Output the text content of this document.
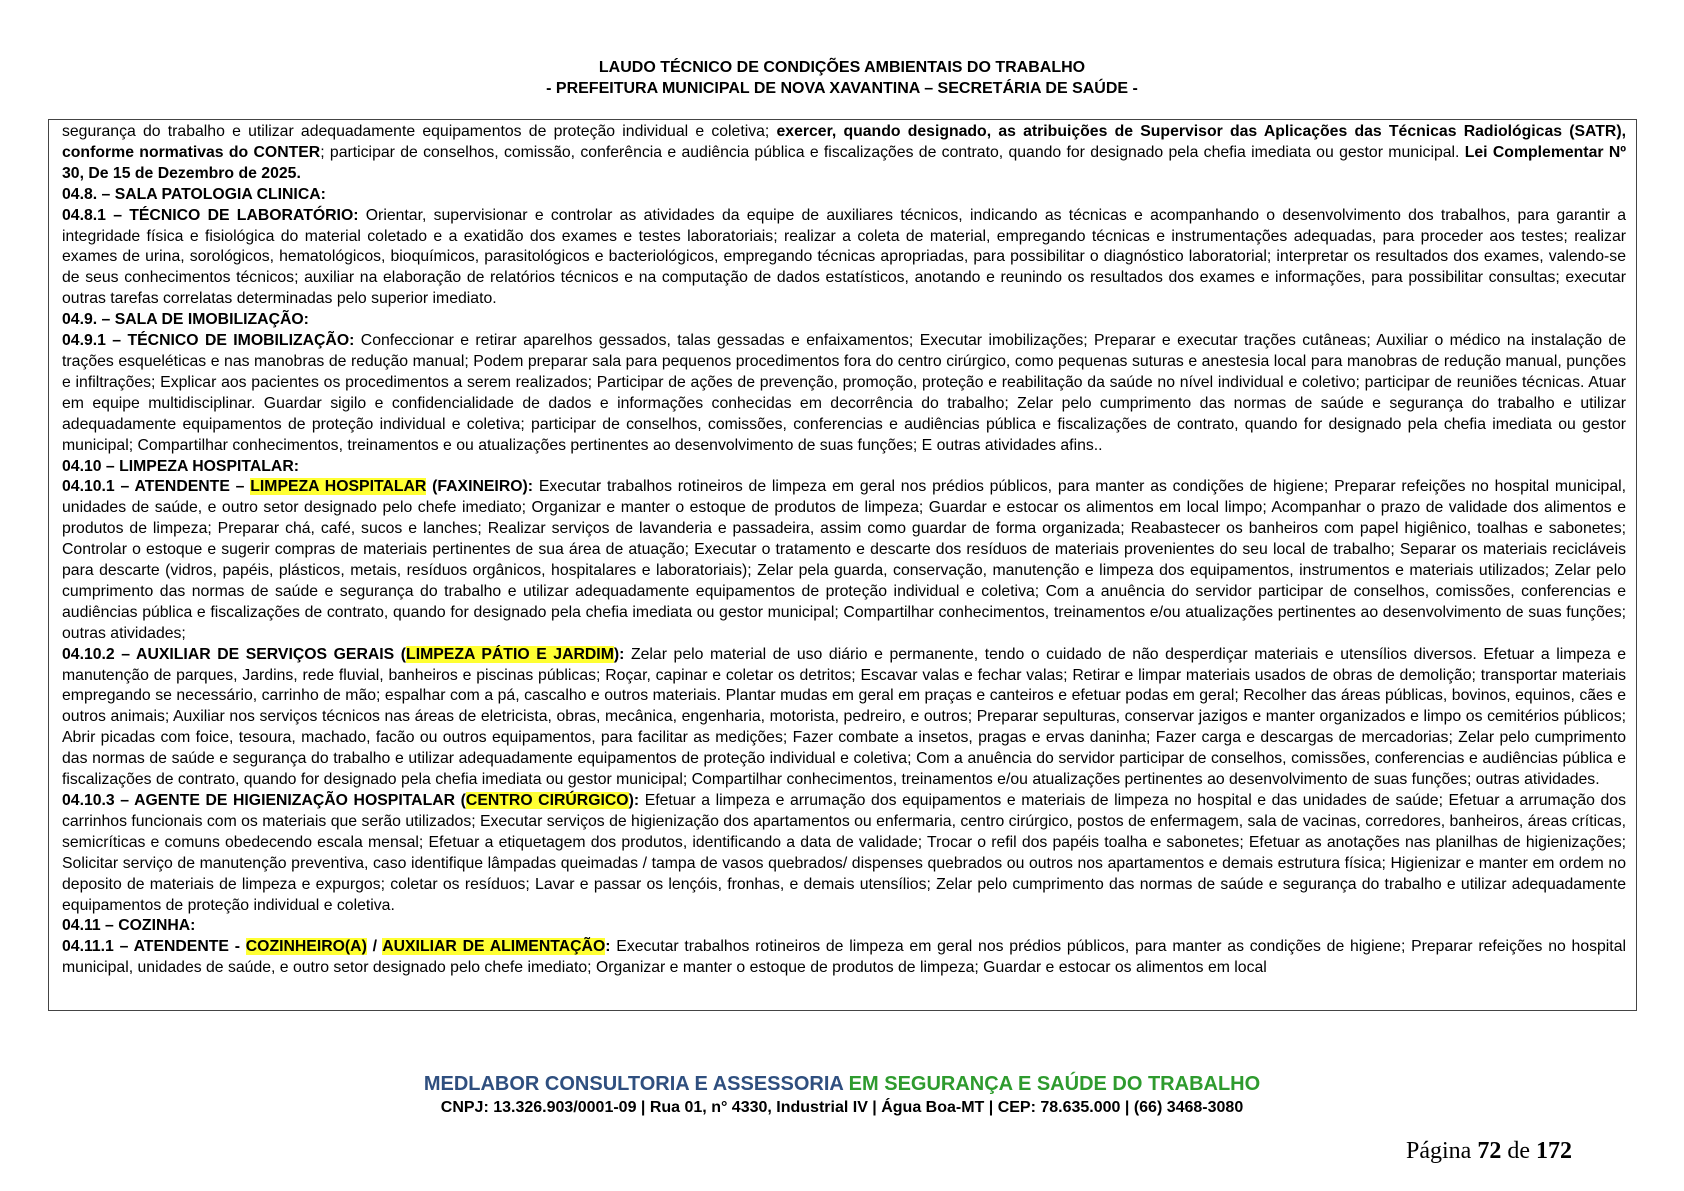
LAUDO TÉCNICO DE CONDIÇÕES AMBIENTAIS DO TRABALHO
- PREFEITURA MUNICIPAL DE NOVA XAVANTINA – SECRETÁRIA DE SAÚDE -

segurança do trabalho e utilizar adequadamente equipamentos de proteção individual e coletiva; exercer, quando designado, as atribuições de Supervisor das Aplicações das Técnicas Radiológicas (SATR), conforme normativas do CONTER; participar de conselhos, comissão, conferência e audiência pública e fiscalizações de contrato, quando for designado pela chefia imediata ou gestor municipal. Lei Complementar Nº 30, De 15 de Dezembro de 2025.

04.8. – SALA PATOLOGIA CLINICA:

04.8.1 – TÉCNICO DE LABORATÓRIO: Orientar, supervisionar e controlar as atividades da equipe de auxiliares técnicos, indicando as técnicas e acompanhando o desenvolvimento dos trabalhos, para garantir a integridade física e fisiológica do material coletado e a exatidão dos exames e testes laboratoriais; realizar a coleta de material, empregando técnicas e instrumentações adequadas, para proceder aos testes; realizar exames de urina, sorológicos, hematológicos, bioquímicos, parasitológicos e bacteriológicos, empregando técnicas apropriadas, para possibilitar o diagnóstico laboratorial; interpretar os resultados dos exames, valendo-se de seus conhecimentos técnicos; auxiliar na elaboração de relatórios técnicos e na computação de dados estatísticos, anotando e reunindo os resultados dos exames e informações, para possibilitar consultas; executar outras tarefas correlatas determinadas pelo superior imediato.

04.9. – SALA DE IMOBILIZAÇÃO:

04.9.1 – TÉCNICO DE IMOBILIZAÇÃO: Confeccionar e retirar aparelhos gessados, talas gessadas e enfaixamentos; Executar imobilizações; Preparar e executar trações cutâneas; Auxiliar o médico na instalação de trações esqueléticas e nas manobras de redução manual; Podem preparar sala para pequenos procedimentos fora do centro cirúrgico, como pequenas suturas e anestesia local para manobras de redução manual, punções e infiltrações; Explicar aos pacientes os procedimentos a serem realizados; Participar de ações de prevenção, promoção, proteção e reabilitação da saúde no nível individual e coletivo; participar de reuniões técnicas. Atuar em equipe multidisciplinar. Guardar sigilo e confidencialidade de dados e informações conhecidas em decorrência do trabalho; Zelar pelo cumprimento das normas de saúde e segurança do trabalho e utilizar adequadamente equipamentos de proteção individual e coletiva; participar de conselhos, comissões, conferencias e audiências pública e fiscalizações de contrato, quando for designado pela chefia imediata ou gestor municipal; Compartilhar conhecimentos, treinamentos e ou atualizações pertinentes ao desenvolvimento de suas funções; E outras atividades afins..

04.10 – LIMPEZA HOSPITALAR:

04.10.1 – ATENDENTE – LIMPEZA HOSPITALAR (FAXINEIRO): Executar trabalhos rotineiros de limpeza em geral nos prédios públicos, para manter as condições de higiene; Preparar refeições no hospital municipal, unidades de saúde, e outro setor designado pelo chefe imediato; Organizar e manter o estoque de produtos de limpeza; Guardar e estocar os alimentos em local limpo; Acompanhar o prazo de validade dos alimentos e produtos de limpeza; Preparar chá, café, sucos e lanches; Realizar serviços de lavanderia e passadeira, assim como guardar de forma organizada; Reabastecer os banheiros com papel higiênico, toalhas e sabonetes; Controlar o estoque e sugerir compras de materiais pertinentes de sua área de atuação; Executar o tratamento e descarte dos resíduos de materiais provenientes do seu local de trabalho; Separar os materiais recicláveis para descarte (vidros, papéis, plásticos, metais, resíduos orgânicos, hospitalares e laboratoriais); Zelar pela guarda, conservação, manutenção e limpeza dos equipamentos, instrumentos e materiais utilizados; Zelar pelo cumprimento das normas de saúde e segurança do trabalho e utilizar adequadamente equipamentos de proteção individual e coletiva; Com a anuência do servidor participar de conselhos, comissões, conferencias e audiências pública e fiscalizações de contrato, quando for designado pela chefia imediata ou gestor municipal; Compartilhar conhecimentos, treinamentos e/ou atualizações pertinentes ao desenvolvimento de suas funções; outras atividades;

04.10.2 – AUXILIAR DE SERVIÇOS GERAIS (LIMPEZA PÁTIO E JARDIM): Zelar pelo material de uso diário e permanente, tendo o cuidado de não desperdiçar materiais e utensílios diversos. Efetuar a limpeza e manutenção de parques, Jardins, rede fluvial, banheiros e piscinas públicas; Roçar, capinar e coletar os detritos; Escavar valas e fechar valas; Retirar e limpar materiais usados de obras de demolição; transportar materiais empregando se necessário, carrinho de mão; espalhar com a pá, cascalho e outros materiais. Plantar mudas em geral em praças e canteiros e efetuar podas em geral; Recolher das áreas públicas, bovinos, equinos, cães e outros animais; Auxiliar nos serviços técnicos nas áreas de eletricista, obras, mecânica, engenharia, motorista, pedreiro, e outros; Preparar sepulturas, conservar jazigos e manter organizados e limpo os cemitérios públicos; Abrir picadas com foice, tesoura, machado, facão ou outros equipamentos, para facilitar as medições; Fazer combate a insetos, pragas e ervas daninha; Fazer carga e descargas de mercadorias; Zelar pelo cumprimento das normas de saúde e segurança do trabalho e utilizar adequadamente equipamentos de proteção individual e coletiva; Com a anuência do servidor participar de conselhos, comissões, conferencias e audiências pública e fiscalizações de contrato, quando for designado pela chefia imediata ou gestor municipal; Compartilhar conhecimentos, treinamentos e/ou atualizações pertinentes ao desenvolvimento de suas funções; outras atividades.

04.10.3 – AGENTE DE HIGIENIZAÇÃO HOSPITALAR (CENTRO CIRÚRGICO): Efetuar a limpeza e arrumação dos equipamentos e materiais de limpeza no hospital e das unidades de saúde; Efetuar a arrumação dos carrinhos funcionais com os materiais que serão utilizados; Executar serviços de higienização dos apartamentos ou enfermaria, centro cirúrgico, postos de enfermagem, sala de vacinas, corredores, banheiros, áreas críticas, semicríticas e comuns obedecendo escala mensal; Efetuar a etiquetagem dos produtos, identificando a data de validade; Trocar o refil dos papéis toalha e sabonetes; Efetuar as anotações nas planilhas de higienizações; Solicitar serviço de manutenção preventiva, caso identifique lâmpadas queimadas / tampa de vasos quebrados/ dispenses quebrados ou outros nos apartamentos e demais estrutura física; Higienizar e manter em ordem no deposito de materiais de limpeza e expurgos; coletar os resíduos; Lavar e passar os lençóis, fronhas, e demais utensílios; Zelar pelo cumprimento das normas de saúde e segurança do trabalho e utilizar adequadamente equipamentos de proteção individual e coletiva.

04.11 – COZINHA:

04.11.1 – ATENDENTE - COZINHEIRO(A) / AUXILIAR DE ALIMENTAÇÃO: Executar trabalhos rotineiros de limpeza em geral nos prédios públicos, para manter as condições de higiene; Preparar refeições no hospital municipal, unidades de saúde, e outro setor designado pelo chefe imediato; Organizar e manter o estoque de produtos de limpeza; Guardar e estocar os alimentos em local

MEDLABOR CONSULTORIA E ASSESSORIA EM SEGURANÇA E SAÚDE DO TRABALHO
CNPJ: 13.326.903/0001-09 | Rua 01, n° 4330, Industrial IV | Água Boa-MT | CEP: 78.635.000 | (66) 3468-3080
Página 72 de 172
